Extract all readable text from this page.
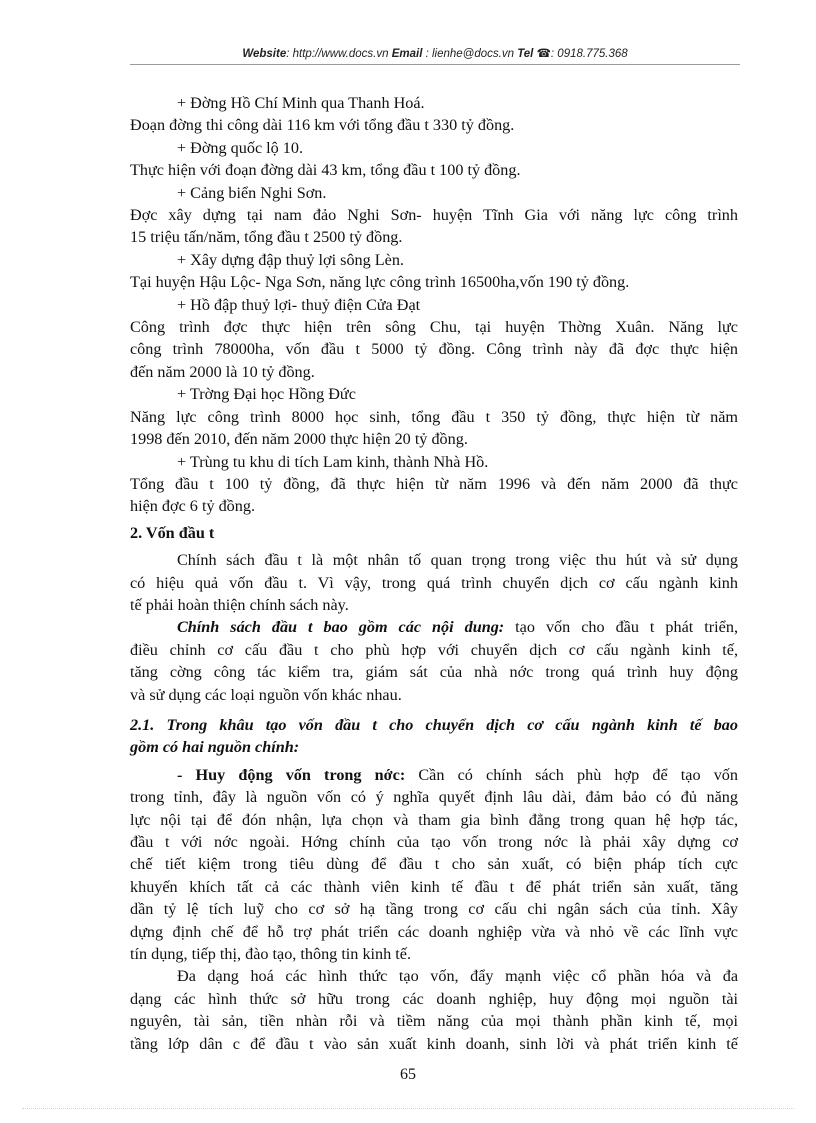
Website: http://www.docs.vn Email : lienhe@docs.vn Tel ☎: 0918.775.368

+ Đờng Hồ Chí Minh qua Thanh Hoá.

Đoạn đờng thi công dài 116 km với tổng đầu t 330 tỷ đồng.

+ Đờng quốc lộ 10.

Thực hiện với đoạn đờng dài 43 km, tổng đầu t 100 tỷ đồng.

+ Cảng biển Nghi Sơn.

Đợc xây dựng tại nam đảo Nghi Sơn- huyện Tĩnh Gia với năng lực công trình

15 triệu tấn/năm, tổng đầu t 2500 tỷ đồng.

+ Xây dựng đập thuỷ lợi sông Lèn.

Tại huyện Hậu Lộc- Nga Sơn, năng lực công trình 16500ha,vốn 190 tỷ đồng.

+ Hồ đập thuỷ lợi- thuỷ điện Cửa Đạt

Công trình đợc thực hiện trên sông Chu, tại huyện Thờng Xuân. Năng lực

công trình 78000ha, vốn đầu t 5000 tỷ đồng. Công trình này đã đợc thực hiện

đến năm 2000 là 10 tỷ đồng.

+ Trờng Đại học Hồng Đức

Năng lực công trình 8000 học sinh, tổng đầu t 350 tỷ đồng, thực hiện từ năm

1998 đến 2010, đến năm 2000 thực hiện 20 tỷ đồng.

+ Trùng tu khu di tích Lam kinh, thành Nhà Hồ.

Tổng đầu t 100 tỷ đồng, đã thực hiện từ năm 1996 và đến năm 2000 đã thực

hiện đợc 6 tỷ đồng.

2. Vốn đầu t

Chính sách đầu t là một nhân tố quan trọng trong việc thu hút và sử dụng

có hiệu quả vốn đầu t. Vì vậy, trong quá trình chuyển dịch cơ cấu ngành kinh

tế phải hoàn thiện chính sách này.

Chính sách đầu t bao gồm các nội dung: tạo vốn cho đầu t phát triển,

điều chỉnh cơ cấu đầu t cho phù hợp với chuyển dịch cơ cấu ngành kinh tế,

tăng cờng công tác kiểm tra, giám sát của nhà nớc trong quá trình huy động

và sử dụng các loại nguồn vốn khác nhau.

2.1. Trong khâu tạo vốn đầu t cho chuyển dịch cơ cấu ngành kinh tế bao

gồm có hai nguồn chính:

- Huy động vốn trong nớc: Cần có chính sách phù hợp để tạo vốn

trong tỉnh, đây là nguồn vốn có ý nghĩa quyết định lâu dài, đảm bảo có đủ năng

lực nội tại để đón nhận, lựa chọn và tham gia bình đẳng trong quan hệ hợp tác,

đầu t với nớc ngoài. Hớng chính của tạo vốn trong nớc là phải xây dựng cơ

chế tiết kiệm trong tiêu dùng để đầu t cho sản xuất, có biện pháp tích cực

khuyến khích tất cả các thành viên kinh tế đầu t để phát triển sản xuất, tăng

dần tỷ lệ tích luỹ cho cơ sở hạ tầng trong cơ cấu chi ngân sách của tỉnh. Xây

dựng định chế để hỗ trợ phát triển các doanh nghiệp vừa và nhỏ về các lĩnh vực

tín dụng, tiếp thị, đào tạo, thông tin kinh tế.

Đa dạng hoá các hình thức tạo vốn, đẩy mạnh việc cổ phần hóa và đa

dạng các hình thức sở hữu trong các doanh nghiệp, huy động mọi nguồn tài

nguyên, tài sản, tiền nhàn rỗi và tiềm năng của mọi thành phần kinh tế, mọi

tầng lớp dân c để đầu t vào sản xuất kinh doanh, sinh lời và phát triển kinh tế

65
